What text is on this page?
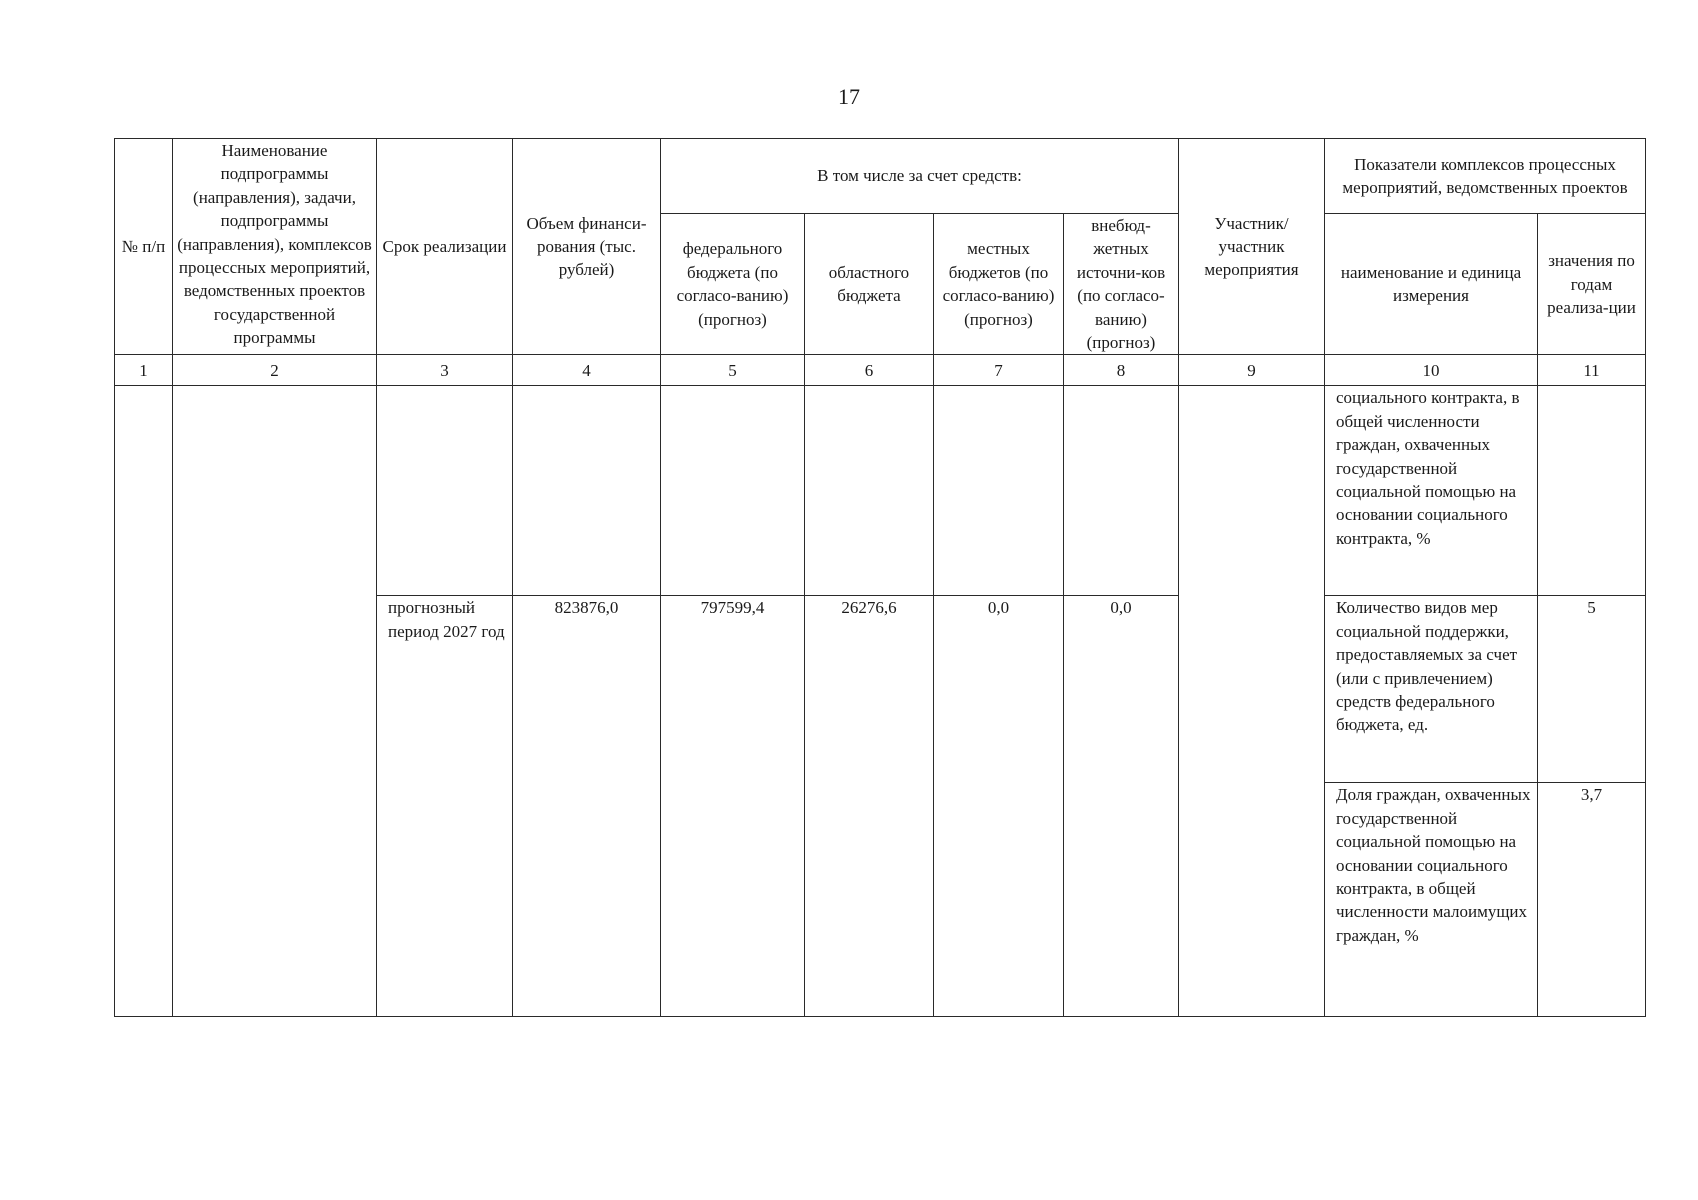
17
№ п/п	Наименование подпрограммы (направления), задачи, подпрограммы (направления), комплексов процессных мероприятий, ведомственных проектов государственной программы	Срок реализации	Объем финанси-рования (тыс. рублей)	В том числе за счет средств:				Участник/ участник мероприятия	Показатели комплексов процессных мероприятий, ведомственных проектов	
				федерального бюджета (по согласо-ванию) (прогноз)	областного бюджета	местных бюджетов (по согласо-ванию) (прогноз)	внебюд-жетных источни-ков (по согласо-ванию) (прогноз)			
									наименование и единица измерения	значения по годам реализа-ции
1	2	3	4	5	6	7	8	9	10	11
									социального контракта, в общей численности граждан, охваченных государственной социальной помощью на основании социального контракта, %	
		прогнозный период 2027 год	823876,0	797599,4	26276,6	0,0	0,0		Количество видов мер социальной поддержки, предоставляемых за счет (или с привлечением) средств федерального бюджета, ед.	5
									Доля граждан, охваченных государственной социальной помощью на основании социального контракта, в общей численности малоимущих граждан, %	3,7
